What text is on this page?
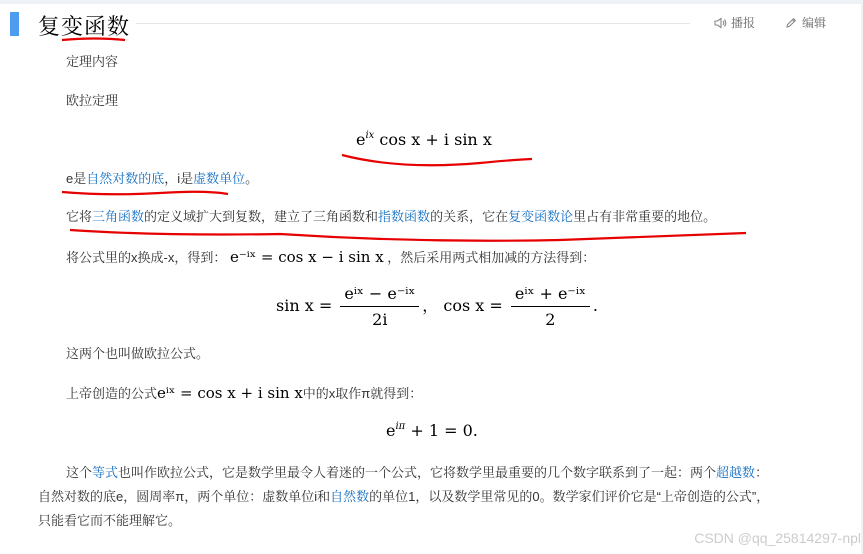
复变函数	播报	编辑
定理内容
欧拉定理
$e^{ix}$ cos x + i sin x
e是自然对数的底，i是虚数单位。
它将三角函数的定义域扩大到复数，建立了三角函数和指数函数的关系，它在复变函数论里占有非常重要的地位。
将公式里的x换成-x，得到： e⁻ⁱˣ = cos x − i sin x ，然后采用两式相加减的方法得到：
$\sin x = \frac{\text{eⁱˣ − e⁻ⁱˣ}}{2i}$ ， $\cos x = \frac{\text{eⁱˣ + e⁻ⁱˣ}}{2}$ .
这两个也叫做欧拉公式。
上帝创造的公式eⁱˣ = cos x + i sin x中的x取作π就得到：
$e^{i\pi} + 1 = 0$.
这个等式也叫作欧拉公式，它是数学里最令人着迷的一个公式，它将数学里最重要的几个数字联系到了一起：两个超越数：
自然对数的底e，圆周率π，两个单位：虚数单位i和自然数的单位1，以及数学里常见的0。数学家们评价它是“上帝创造的公式”，
只能看它而不能理解它。
CSDN @qq_25814297-npl
